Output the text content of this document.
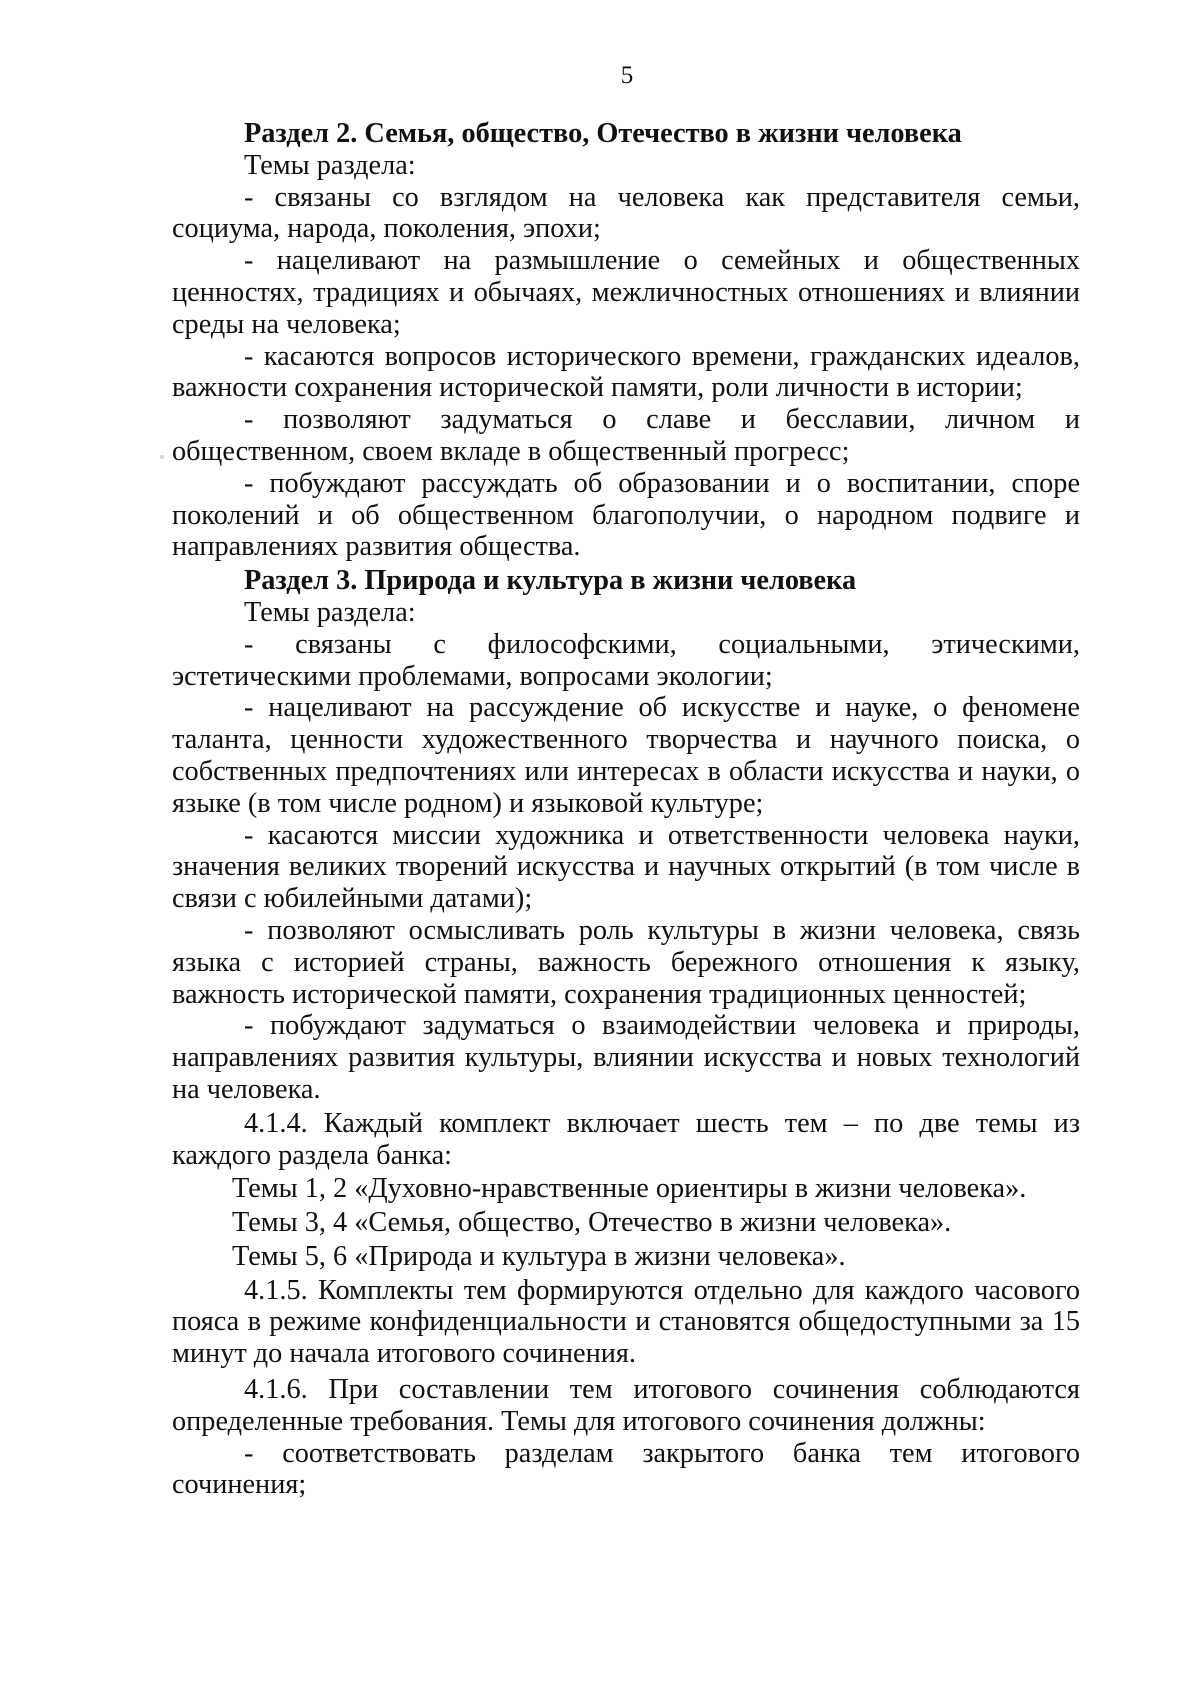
5

Раздел 2. Семья, общество, Отечество в жизни человека

Темы раздела:

- связаны со взглядом на человека как представителя семьи, социума, народа, поколения, эпохи;

- нацеливают на размышление о семейных и общественных ценностях, традициях и обычаях, межличностных отношениях и влиянии среды на человека;

- касаются вопросов исторического времени, гражданских идеалов, важности сохранения исторической памяти, роли личности в истории;

- позволяют задуматься о славе и бесславии, личном и общественном, своем вкладе в общественный прогресс;

- побуждают рассуждать об образовании и о воспитании, споре поколений и об общественном благополучии, о народном подвиге и направлениях развития общества.

Раздел 3. Природа и культура в жизни человека

Темы раздела:

- связаны с философскими, социальными, этическими, эстетическими проблемами, вопросами экологии;

- нацеливают на рассуждение об искусстве и науке, о феномене таланта, ценности художественного творчества и научного поиска, о собственных предпочтениях или интересах в области искусства и науки, о языке (в том числе родном) и языковой культуре;

- касаются миссии художника и ответственности человека науки, значения великих творений искусства и научных открытий (в том числе в связи с юбилейными датами);

- позволяют осмысливать роль культуры в жизни человека, связь языка с историей страны, важность бережного отношения к языку, важность исторической памяти, сохранения традиционных ценностей;

- побуждают задуматься о взаимодействии человека и природы, направлениях развития культуры, влиянии искусства и новых технологий на человека.

4.1.4. Каждый комплект включает шесть тем – по две темы из каждого раздела банка:

Темы 1, 2 «Духовно-нравственные ориентиры в жизни человека».

Темы 3, 4 «Семья, общество, Отечество в жизни человека».

Темы 5, 6 «Природа и культура в жизни человека».

4.1.5. Комплекты тем формируются отдельно для каждого часового пояса в режиме конфиденциальности и становятся общедоступными за 15 минут до начала итогового сочинения.

4.1.6. При составлении тем итогового сочинения соблюдаются определенные требования. Темы для итогового сочинения должны:

- соответствовать разделам закрытого банка тем итогового сочинения;
